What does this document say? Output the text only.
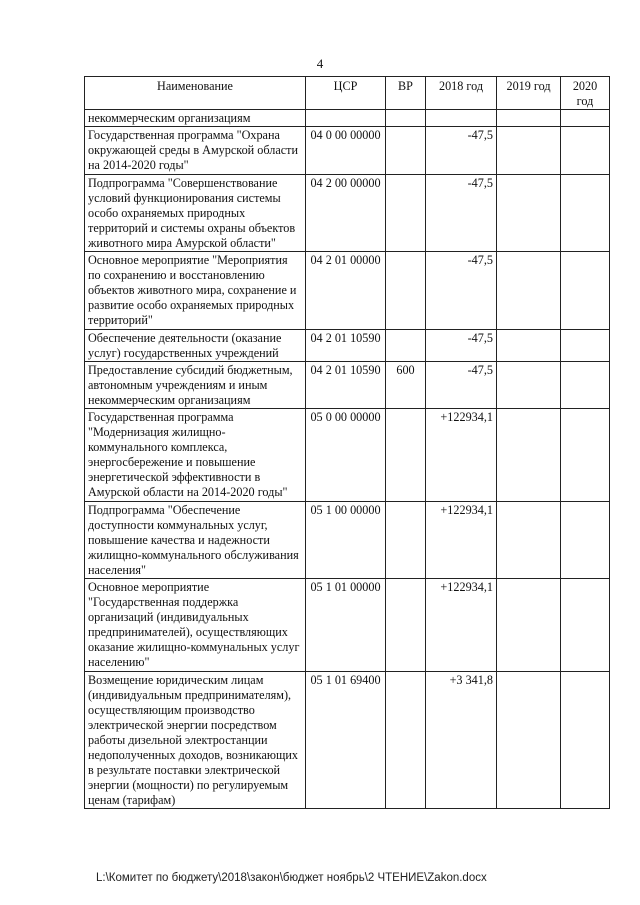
4
Наименование	ЦСР	ВР	2018 год	2019 год	2020 год
некоммерческим организациям					
Государственная программа "Охрана окружающей среды в Амурской области на 2014-2020 годы"	04 0 00 00000		-47,5		
Подпрограмма "Совершенствование условий функционирования системы особо охраняемых природных территорий и системы охраны объектов животного мира Амурской области"	04 2 00 00000		-47,5		
Основное мероприятие "Мероприятия по сохранению и восстановлению объектов животного мира, сохранение и развитие особо охраняемых природных территорий"	04 2 01 00000		-47,5		
Обеспечение деятельности (оказание услуг) государственных учреждений	04 2 01 10590		-47,5		
Предоставление субсидий бюджетным, автономным учреждениям и иным некоммерческим организациям	04 2 01 10590	600	-47,5		
Государственная программа "Модернизация жилищно-коммунального комплекса, энергосбережение и повышение энергетической эффективности в Амурской области на 2014-2020 годы"	05 0 00 00000		+122934,1		
Подпрограмма "Обеспечение доступности коммунальных услуг, повышение качества и надежности жилищно-коммунального обслуживания населения"	05 1 00 00000		+122934,1		
Основное мероприятие "Государственная поддержка организаций (индивидуальных предпринимателей), осуществляющих оказание жилищно-коммунальных услуг населению"	05 1 01 00000		+122934,1		
Возмещение юридическим лицам (индивидуальным предпринимателям), осуществляющим производство электрической энергии посредством работы дизельной электростанции недополученных доходов, возникающих в результате поставки электрической энергии (мощности) по регулируемым ценам (тарифам)	05 1 01 69400		+3 341,8		
L:\Комитет по бюджету\2018\закон\бюджет ноябрь\2 ЧТЕНИЕ\Zakon.docx
